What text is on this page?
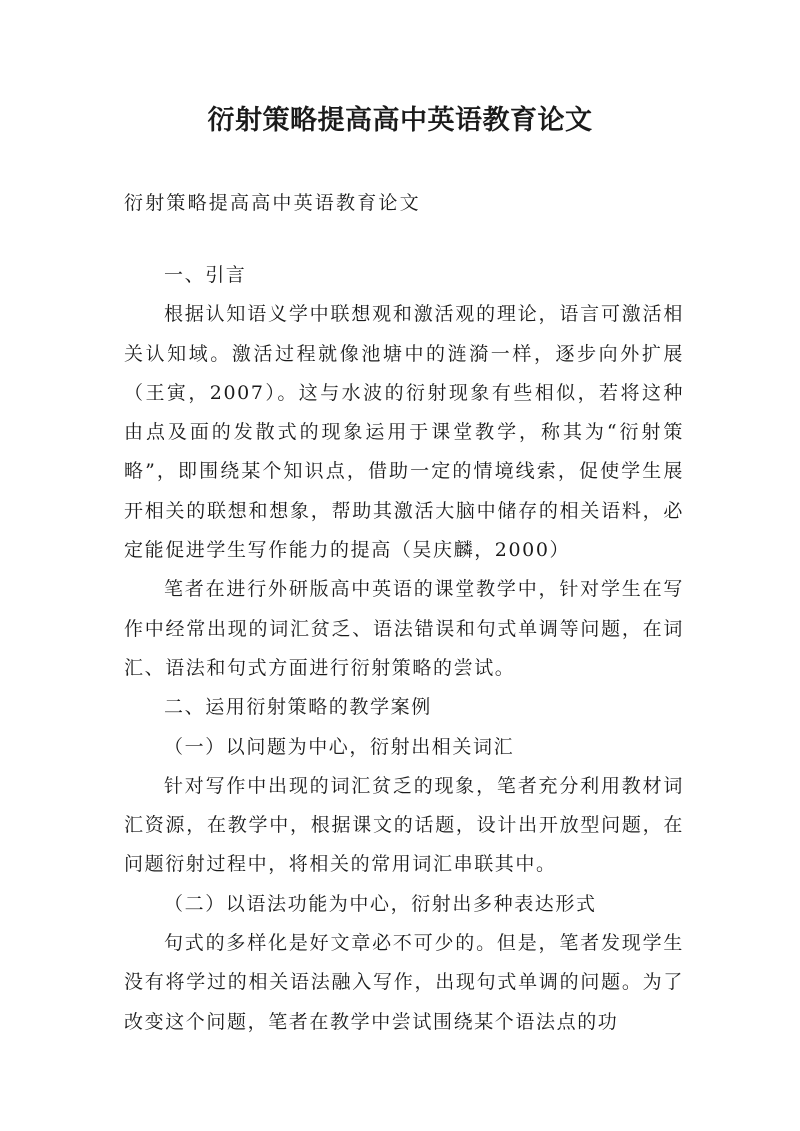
衍射策略提高高中英语教育论文

衍射策略提高高中英语教育论文

一、引言

根据认知语义学中联想观和激活观的理论，语言可激活相关认知域。激活过程就像池塘中的涟漪一样，逐步向外扩展（王寅，2007）。这与水波的衍射现象有些相似，若将这种由点及面的发散式的现象运用于课堂教学，称其为“衍射策略”，即围绕某个知识点，借助一定的情境线索，促使学生展开相关的联想和想象，帮助其激活大脑中储存的相关语料，必定能促进学生写作能力的提高（吴庆麟，2000）

笔者在进行外研版高中英语的课堂教学中，针对学生在写作中经常出现的词汇贫乏、语法错误和句式单调等问题，在词汇、语法和句式方面进行衍射策略的尝试。

二、运用衍射策略的教学案例

（一）以问题为中心，衍射出相关词汇

针对写作中出现的词汇贫乏的现象，笔者充分利用教材词汇资源，在教学中，根据课文的话题，设计出开放型问题，在问题衍射过程中，将相关的常用词汇串联其中。

（二）以语法功能为中心，衍射出多种表达形式

句式的多样化是好文章必不可少的。但是，笔者发现学生没有将学过的相关语法融入写作，出现句式单调的问题。为了改变这个问题，笔者在教学中尝试围绕某个语法点的功
